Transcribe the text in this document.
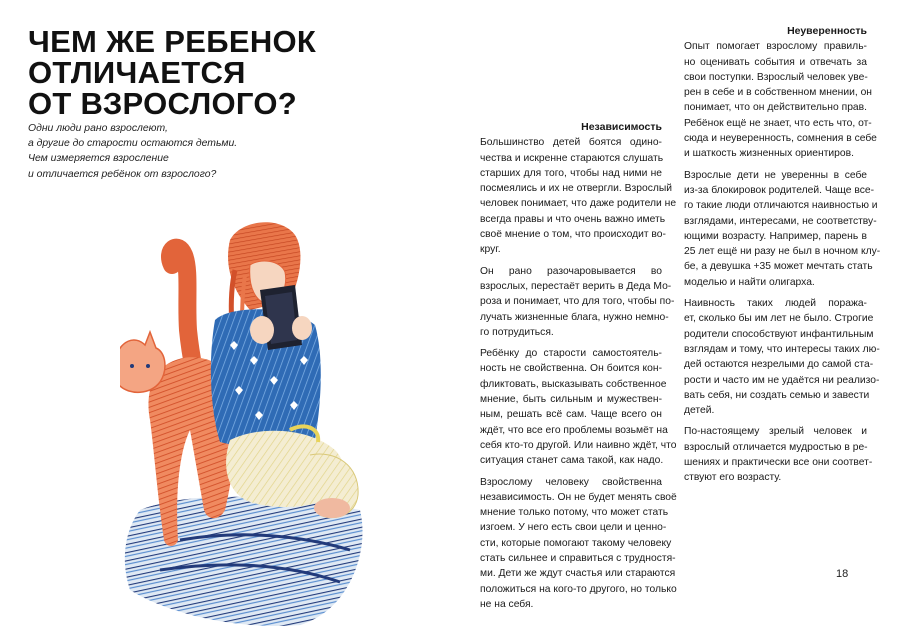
ЧЕМ ЖЕ РЕБЕНОК
ОТЛИЧАЕТСЯ
ОТ ВЗРОСЛОГО?
Одни люди рано взрослеют,
а другие до старости остаются детьми.
Чем измеряется взросление
и отличается ребёнок от взрослого?
Независимость

Большинство детей боятся одино-
чества и искренне стараются слушать
старших для того, чтобы над ними не
посмеялись и их не отвергли. Взрослый
человек понимает, что даже родители не
всегда правы и что очень важно иметь
своё мнение о том, что происходит во-
круг.

Он рано разочаровывается во
взрослых, перестаёт верить в Деда Мо-
роза и понимает, что для того, чтобы по-
лучать жизненные блага, нужно немно-
го потрудиться.

Ребёнку до старости самостоятель-
ность не свойственна. Он боится кон-
фликтовать, высказывать собственное
мнение, быть сильным и мужествен-
ным, решать всё сам. Чаще всего он
ждёт, что все его проблемы возьмёт на
себя кто-то другой. Или наивно ждёт, что
ситуация станет сама такой, как надо.

Взрослому человеку свойственна
независимость. Он не будет менять своё
мнение только потому, что может стать
изгоем. У него есть свои цели и ценно-
сти, которые помогают такому человеку
стать сильнее и справиться с трудностя-
ми. Дети же ждут счастья или стараются
положиться на кого-то другого, но только
не на себя.

Неуверенность

Опыт помогает взрослому правиль-
но оценивать события и отвечать за
свои поступки. Взрослый человек уве-
рен в себе и в собственном мнении, он
понимает, что он действительно прав.
Ребёнок ещё не знает, что есть что, от-
сюда и неуверенность, сомнения в себе
и шаткость жизненных ориентиров.

Взрослые дети не уверенны в себе
из-за блокировок родителей. Чаще все-
го такие люди отличаются наивностью и
взглядами, интересами, не соответству-
ющими возрасту. Например, парень в
25 лет ещё ни разу не был в ночном клу-
бе, а девушка +35 может мечтать стать
моделью и найти олигарха.

Наивность таких людей поража-
ет, сколько бы им лет не было. Строгие
родители способствуют инфантильным
взглядам и тому, что интересы таких лю-
дей остаются незрелыми до самой ста-
рости и часто им не удаётся ни реализо-
вать себя, ни создать семью и завести
детей.

По-настоящему зрелый человек и
взрослый отличается мудростью в ре-
шениях и практически все они соответ-
ствуют его возрасту.

18
